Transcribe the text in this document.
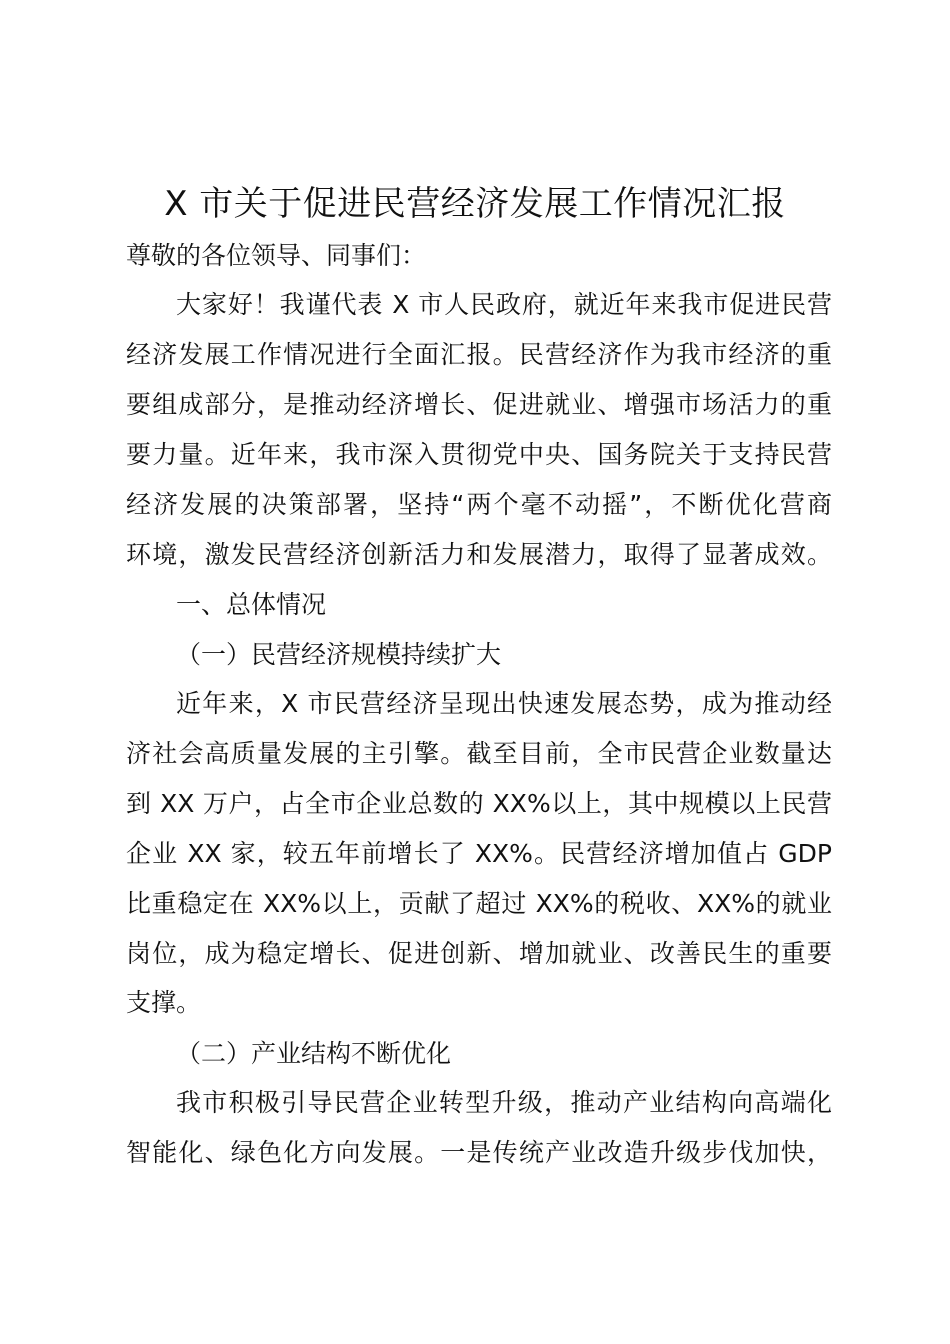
X 市关于促进民营经济发展工作情况汇报
尊敬的各位领导、同事们：
大家好！我谨代表 X 市人民政府，就近年来我市促进民营
经济发展工作情况进行全面汇报。民营经济作为我市经济的重
要组成部分，是推动经济增长、促进就业、增强市场活力的重
要力量。近年来，我市深入贯彻党中央、国务院关于支持民营
经济发展的决策部署，坚持“两个毫不动摇”，不断优化营商
环境，激发民营经济创新活力和发展潜力，取得了显著成效。
一、总体情况
（一）民营经济规模持续扩大
近年来，X 市民营经济呈现出快速发展态势，成为推动经
济社会高质量发展的主引擎。截至目前，全市民营企业数量达
到 XX 万户，占全市企业总数的 XX%以上，其中规模以上民营
企业 XX 家，较五年前增长了 XX%。民营经济增加值占 GDP
比重稳定在 XX%以上，贡献了超过 XX%的税收、XX%的就业
岗位，成为稳定增长、促进创新、增加就业、改善民生的重要
支撑。
（二）产业结构不断优化
我市积极引导民营企业转型升级，推动产业结构向高端化
智能化、绿色化方向发展。一是传统产业改造升级步伐加快，
